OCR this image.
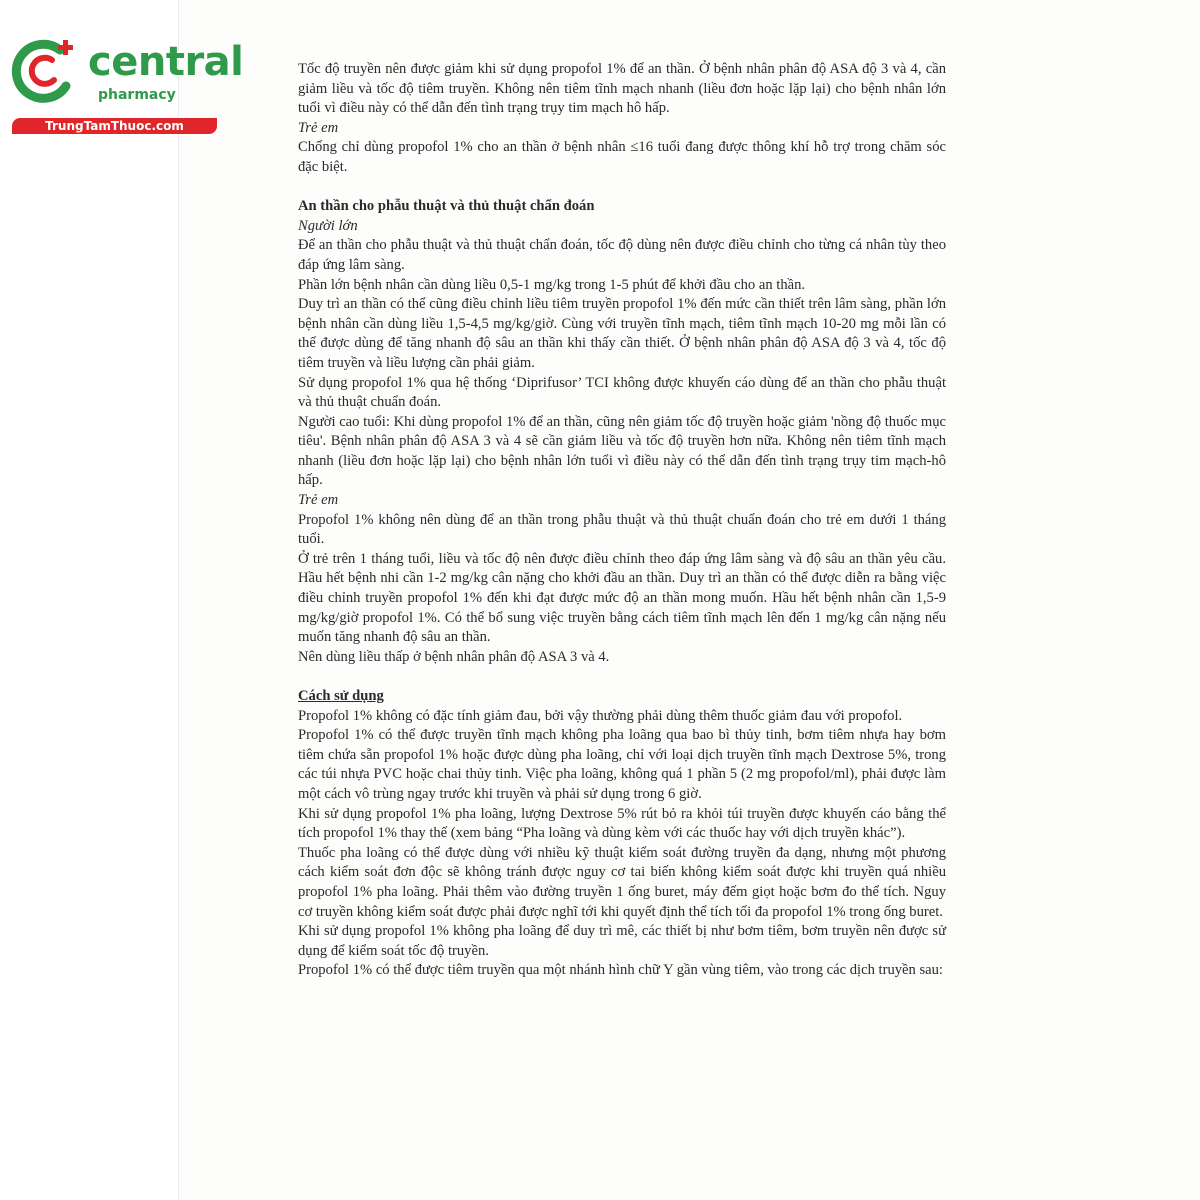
central
pharmacy
TrungTamThuoc.com

Tốc độ truyền nên được giảm khi sử dụng propofol 1% để an thần. Ở bệnh nhân phân độ ASA độ 3 và 4, cần giảm liều và tốc độ tiêm truyền. Không nên tiêm tĩnh mạch nhanh (liều đơn hoặc lặp lại) cho bệnh nhân lớn tuổi vì điều này có thể dẫn đến tình trạng trụy tim mạch hô hấp.

Trẻ em

Chống chỉ dùng propofol 1% cho an thần ở bệnh nhân ≤16 tuổi đang được thông khí hỗ trợ trong chăm sóc đặc biệt.

An thần cho phẫu thuật và thủ thuật chẩn đoán

Người lớn

Để an thần cho phẫu thuật và thủ thuật chẩn đoán, tốc độ dùng nên được điều chỉnh cho từng cá nhân tùy theo đáp ứng lâm sàng.

Phần lớn bệnh nhân cần dùng liều 0,5-1 mg/kg trong 1-5 phút để khởi đầu cho an thần.

Duy trì an thần có thể cũng điều chỉnh liều tiêm truyền propofol 1% đến mức cần thiết trên lâm sàng, phần lớn bệnh nhân cần dùng liều 1,5-4,5 mg/kg/giờ. Cùng với truyền tĩnh mạch, tiêm tĩnh mạch 10-20 mg mỗi lần có thể được dùng để tăng nhanh độ sâu an thần khi thấy cần thiết. Ở bệnh nhân phân độ ASA độ 3 và 4, tốc độ tiêm truyền và liều lượng cần phải giảm.

Sử dụng propofol 1% qua hệ thống ‘Diprifusor’ TCI không được khuyến cáo dùng để an thần cho phẫu thuật và thủ thuật chuẩn đoán.

Người cao tuổi: Khi dùng propofol 1% để an thần, cũng nên giảm tốc độ truyền hoặc giảm 'nồng độ thuốc mục tiêu'. Bệnh nhân phân độ ASA 3 và 4 sẽ cần giảm liều và tốc độ truyền hơn nữa. Không nên tiêm tĩnh mạch nhanh (liều đơn hoặc lặp lại) cho bệnh nhân lớn tuổi vì điều này có thể dẫn đến tình trạng trụy tim mạch-hô hấp.

Trẻ em

Propofol 1% không nên dùng để an thần trong phẫu thuật và thủ thuật chuẩn đoán cho trẻ em dưới 1 tháng tuổi.

Ở trẻ trên 1 tháng tuổi, liều và tốc độ nên được điều chỉnh theo đáp ứng lâm sàng và độ sâu an thần yêu cầu. Hầu hết bệnh nhi cần 1-2 mg/kg cân nặng cho khởi đầu an thần. Duy trì an thần có thể được diễn ra bằng việc điều chỉnh truyền propofol 1% đến khi đạt được mức độ an thần mong muốn. Hầu hết bệnh nhân cần 1,5-9 mg/kg/giờ propofol 1%. Có thể bổ sung việc truyền bằng cách tiêm tĩnh mạch lên đến 1 mg/kg cân nặng nếu muốn tăng nhanh độ sâu an thần.

Nên dùng liều thấp ở bệnh nhân phân độ ASA 3 và 4.

Cách sử dụng

Propofol 1% không có đặc tính giảm đau, bởi vậy thường phải dùng thêm thuốc giảm đau với propofol.

Propofol 1% có thể được truyền tĩnh mạch không pha loãng qua bao bì thủy tinh, bơm tiêm nhựa hay bơm tiêm chứa sẵn propofol 1% hoặc được dùng pha loãng, chỉ với loại dịch truyền tĩnh mạch Dextrose 5%, trong các túi nhựa PVC hoặc chai thủy tinh. Việc pha loãng, không quá 1 phần 5 (2 mg propofol/ml), phải được làm một cách vô trùng ngay trước khi truyền và phải sử dụng trong 6 giờ.

Khi sử dụng propofol 1% pha loãng, lượng Dextrose 5% rút bỏ ra khỏi túi truyền được khuyến cáo bằng thể tích propofol 1% thay thế (xem bảng “Pha loãng và dùng kèm với các thuốc hay với dịch truyền khác”).

Thuốc pha loãng có thể được dùng với nhiều kỹ thuật kiểm soát đường truyền đa dạng, nhưng một phương cách kiểm soát đơn độc sẽ không tránh được nguy cơ tai biến không kiểm soát được khi truyền quá nhiều propofol 1% pha loãng. Phải thêm vào đường truyền 1 ống buret, máy đếm giọt hoặc bơm đo thể tích. Nguy cơ truyền không kiểm soát được phải được nghĩ tới khi quyết định thể tích tối đa propofol 1% trong ống buret.

Khi sử dụng propofol 1% không pha loãng để duy trì mê, các thiết bị như bơm tiêm, bơm truyền nên được sử dụng để kiểm soát tốc độ truyền.

Propofol 1% có thể được tiêm truyền qua một nhánh hình chữ Y gần vùng tiêm, vào trong các dịch truyền sau:
